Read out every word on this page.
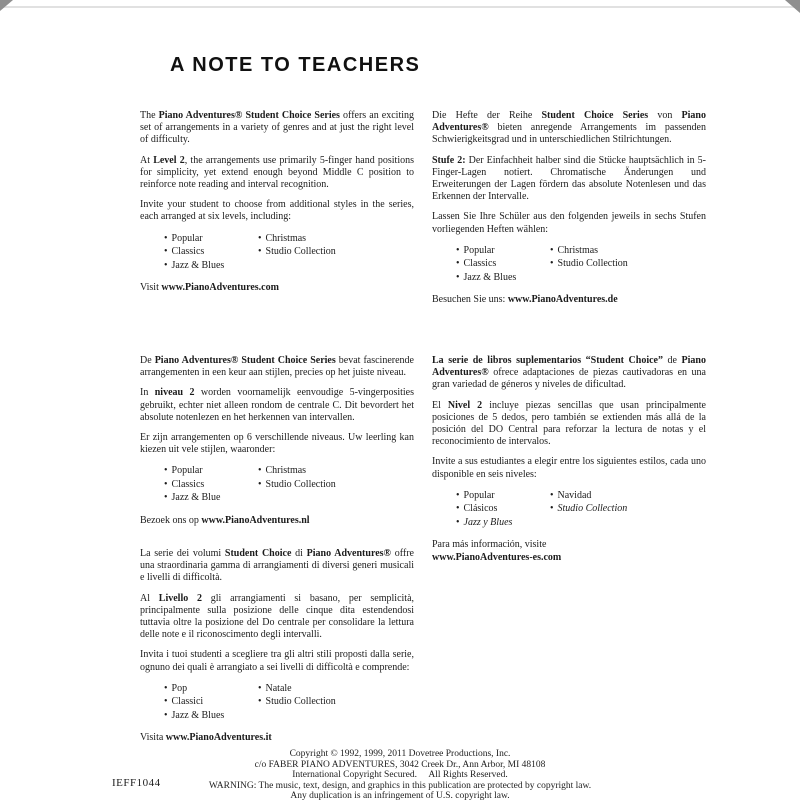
A NOTE TO TEACHERS

The Piano Adventures® Student Choice Series offers an exciting set of arrangements in a variety of genres and at just the right level of difficulty.

At Level 2, the arrangements use primarily 5-finger hand positions for simplicity, yet extend enough beyond Middle C position to reinforce note reading and interval recognition.

Invite your student to choose from additional styles in the series, each arranged at six levels, including:

• Popular	• Christmas
• Classics	• Studio Collection
• Jazz & Blues
Visit www.PianoAdventures.com

De Piano Adventures® Student Choice Series bevat fascinerende arrangementen in een keur aan stijlen, precies op het juiste niveau.

In niveau 2 worden voornamelijk eenvoudige 5-vingerposities gebruikt, echter niet alleen rondom de centrale C. Dit bevordert het absolute notenlezen en het herkennen van intervallen.

Er zijn arrangementen op 6 verschillende niveaus. Uw leerling kan kiezen uit vele stijlen, waaronder:

• Popular	• Christmas
• Classics	• Studio Collection
• Jazz & Blue
Bezoek ons op www.PianoAdventures.nl

La serie dei volumi Student Choice di Piano Adventures® offre una straordinaria gamma di arrangiamenti di diversi generi musicali e livelli di difficoltà.

Al Livello 2 gli arrangiamenti si basano, per semplicità, principalmente sulla posizione delle cinque dita estendendosi tuttavia oltre la posizione del Do centrale per consolidare la lettura delle note e il riconoscimento degli intervalli.

Invita i tuoi studenti a scegliere tra gli altri stili proposti dalla serie, ognuno dei quali è arrangiato a sei livelli di difficoltà e comprende:

• Pop	• Natale
• Classici	• Studio Collection
• Jazz & Blues
Visita www.PianoAdventures.it

Die Hefte der Reihe Student Choice Series von Piano Adventures® bieten anregende Arrangements im passenden Schwierigkeitsgrad und in unterschiedlichen Stilrichtungen.

Stufe 2: Der Einfachheit halber sind die Stücke hauptsächlich in 5-Finger-Lagen notiert. Chromatische Änderungen und Erweiterungen der Lagen fördern das absolute Notenlesen und das Erkennen der Intervalle.

Lassen Sie Ihre Schüler aus den folgenden jeweils in sechs Stufen vorliegenden Heften wählen:

• Popular	• Christmas
• Classics	• Studio Collection
• Jazz & Blues
Besuchen Sie uns: www.PianoAdventures.de

La serie de libros suplementarios “Student Choice” de Piano Adventures® ofrece adaptaciones de piezas cautivadoras en una gran variedad de géneros y niveles de dificultad.

El Nivel 2 incluye piezas sencillas que usan principalmente posiciones de 5 dedos, pero también se extienden más allá de la posición del DO Central para reforzar la lectura de notas y el reconocimiento de intervalos.

Invite a sus estudiantes a elegir entre los siguientes estilos, cada uno disponible en seis niveles:

• Popular	• Navidad
• Clásicos	• Studio Collection
• Jazz y Blues
Para más información, visite
www.PianoAdventures-es.com
Copyright © 1992, 1999, 2011 Dovetree Productions, Inc.
c/o FABER PIANO ADVENTURES, 3042 Creek Dr., Ann Arbor, MI 48108
International Copyright Secured.     All Rights Reserved.
WARNING: The music, text, design, and graphics in this publication are protected by copyright law.
Any duplication is an infringement of U.S. copyright law.
IEFF1044
